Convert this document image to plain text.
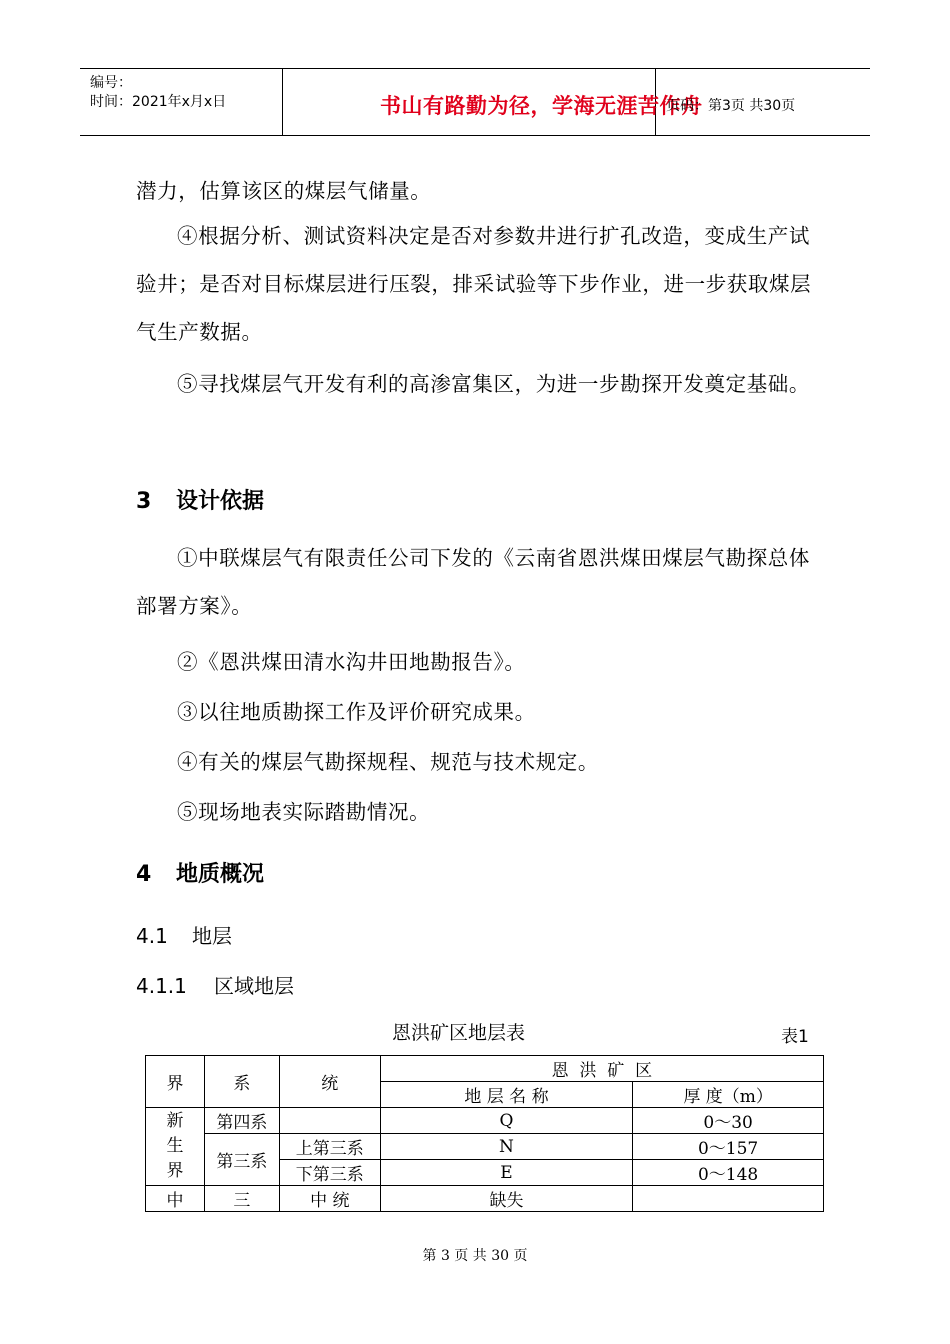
编号：
时间：2021年x月x日	书山有路勤为径，学海无涯苦作舟
页码：第3页 共30页
潜力，估算该区的煤层气储量。

④根据分析、测试资料决定是否对参数井进行扩孔改造，变成生产试验井；是否对目标煤层进行压裂，排采试验等下步作业，进一步获取煤层气生产数据。

⑤寻找煤层气开发有利的高渗富集区，为进一步勘探开发奠定基础。

3 设计依据

①中联煤层气有限责任公司下发的《云南省恩洪煤田煤层气勘探总体部署方案》。

②《恩洪煤田清水沟井田地勘报告》。
③以往地质勘探工作及评价研究成果。
④有关的煤层气勘探规程、规范与技术规定。
⑤现场地表实际踏勘情况。
4 地质概况
4.1 地层
4.1.1 区域地层
恩洪矿区地层表	表1
界	系	统	恩  洪  矿  区	
			地 层 名 称	厚 度（m）
新生界	第四系		Q	0～30
	第三系	上第三系	N	0～157
		下第三系	E	0～148
中	三	中 统	缺失	
第 3 页 共 30 页
